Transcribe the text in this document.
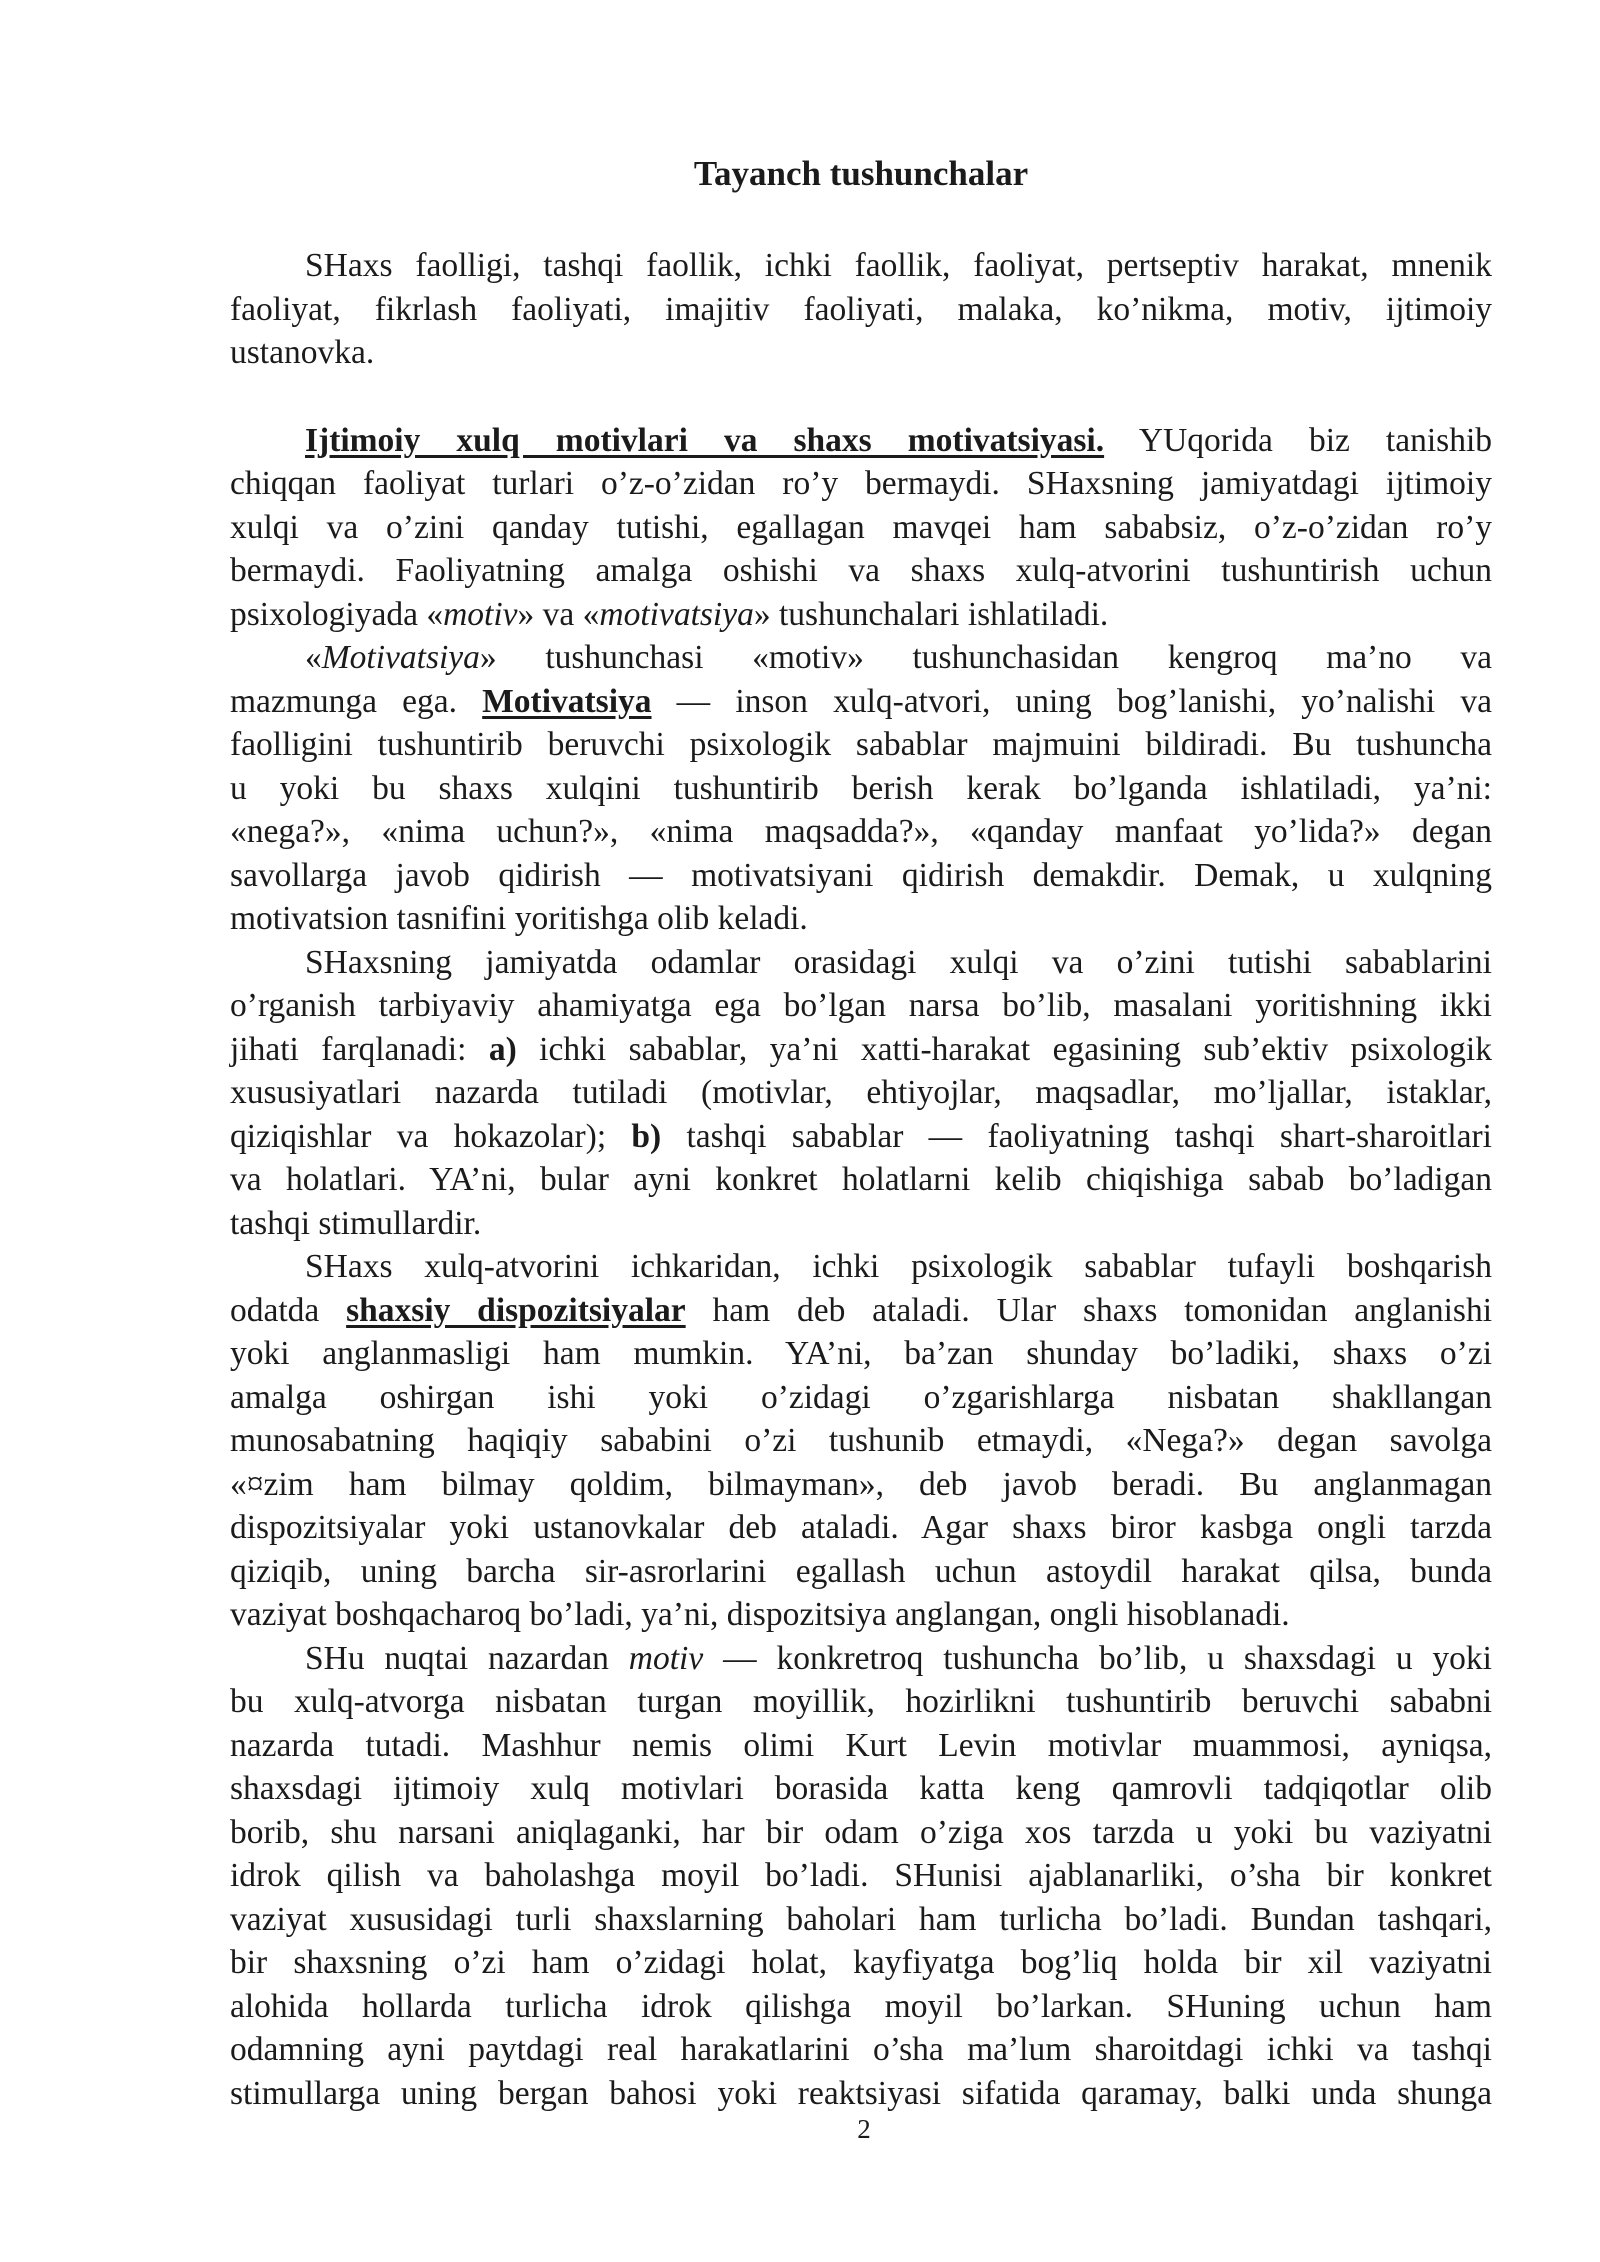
Tayanch tushunchalar
SHaxs faolligi, tashqi faollik, ichki faollik, faoliyat, pertseptiv harakat, mnenik
faoliyat, fikrlash faoliyati, imajitiv faoliyati, malaka, ko’nikma, motiv, ijtimoiy
ustanovka.
Ijtimoiy xulq motivlari va shaxs motivatsiyasi. YUqorida biz tanishib
chiqqan faoliyat turlari o’z-o’zidan ro’y bermaydi. SHaxsning jamiyatdagi ijtimoiy
xulqi va o’zini qanday tutishi, egallagan mavqei ham sababsiz, o’z-o’zidan ro’y
bermaydi. Faoliyatning amalga oshishi va shaxs xulq-atvorini tushuntirish uchun
psixologiyada «motiv» va «motivatsiya» tushunchalari ishlatiladi.
«Motivatsiya» tushunchasi «motiv» tushunchasidan kengroq ma’no va
mazmunga ega. Motivatsiya — inson xulq-atvori, uning bog’lanishi, yo’nalishi va
faolligini tushuntirib beruvchi psixologik sabablar majmuini bildiradi. Bu tushuncha
u yoki bu shaxs xulqini tushuntirib berish kerak bo’lganda ishlatiladi, ya’ni:
«nega?», «nima uchun?», «nima maqsadda?», «qanday manfaat yo’lida?» degan
savollarga javob qidirish — motivatsiyani qidirish demakdir. Demak, u xulqning
motivatsion tasnifini yoritishga olib keladi.
SHaxsning jamiyatda odamlar orasidagi xulqi va o’zini tutishi sabablarini
o’rganish tarbiyaviy ahamiyatga ega bo’lgan narsa bo’lib, masalani yoritishning ikki
jihati farqlanadi: a) ichki sabablar, ya’ni xatti-harakat egasining sub’ektiv psixologik
xususiyatlari nazarda tutiladi (motivlar, ehtiyojlar, maqsadlar, mo’ljallar, istaklar,
qiziqishlar va hokazolar); b) tashqi sabablar — faoliyatning tashqi shart-sharoitlari
va holatlari. YA’ni, bular ayni konkret holatlarni kelib chiqishiga sabab bo’ladigan
tashqi stimullardir.
SHaxs xulq-atvorini ichkaridan, ichki psixologik sabablar tufayli boshqarish
odatda shaxsiy dispozitsiyalar ham deb ataladi. Ular shaxs tomonidan anglanishi
yoki anglanmasligi ham mumkin. YA’ni, ba’zan shunday bo’ladiki, shaxs o’zi
amalga oshirgan ishi yoki o’zidagi o’zgarishlarga nisbatan shakllangan
munosabatning haqiqiy sababini o’zi tushunib etmaydi, «Nega?» degan savolga
«¤zim ham bilmay qoldim, bilmayman», deb javob beradi. Bu anglanmagan
dispozitsiyalar yoki ustanovkalar deb ataladi. Agar shaxs biror kasbga ongli tarzda
qiziqib, uning barcha sir-asrorlarini egallash uchun astoydil harakat qilsa, bunda
vaziyat boshqacharoq bo’ladi, ya’ni, dispozitsiya anglangan, ongli hisoblanadi.
SHu nuqtai nazardan motiv — konkretroq tushuncha bo’lib, u shaxsdagi u yoki
bu xulq-atvorga nisbatan turgan moyillik, hozirlikni tushuntirib beruvchi sababni
nazarda tutadi. Mashhur nemis olimi Kurt Levin motivlar muammosi, ayniqsa,
shaxsdagi ijtimoiy xulq motivlari borasida katta keng qamrovli tadqiqotlar olib
borib, shu narsani aniqlaganki, har bir odam o’ziga xos tarzda u yoki bu vaziyatni
idrok qilish va baholashga moyil bo’ladi. SHunisi ajablanarliki, o’sha bir konkret
vaziyat xususidagi turli shaxslarning baholari ham turlicha bo’ladi. Bundan tashqari,
bir shaxsning o’zi ham o’zidagi holat, kayfiyatga bog’liq holda bir xil vaziyatni
alohida hollarda turlicha idrok qilishga moyil bo’larkan. SHuning uchun ham
odamning ayni paytdagi real harakatlarini o’sha ma’lum sharoitdagi ichki va tashqi
stimullarga uning bergan bahosi yoki reaktsiyasi sifatida qaramay, balki unda shunga
2
